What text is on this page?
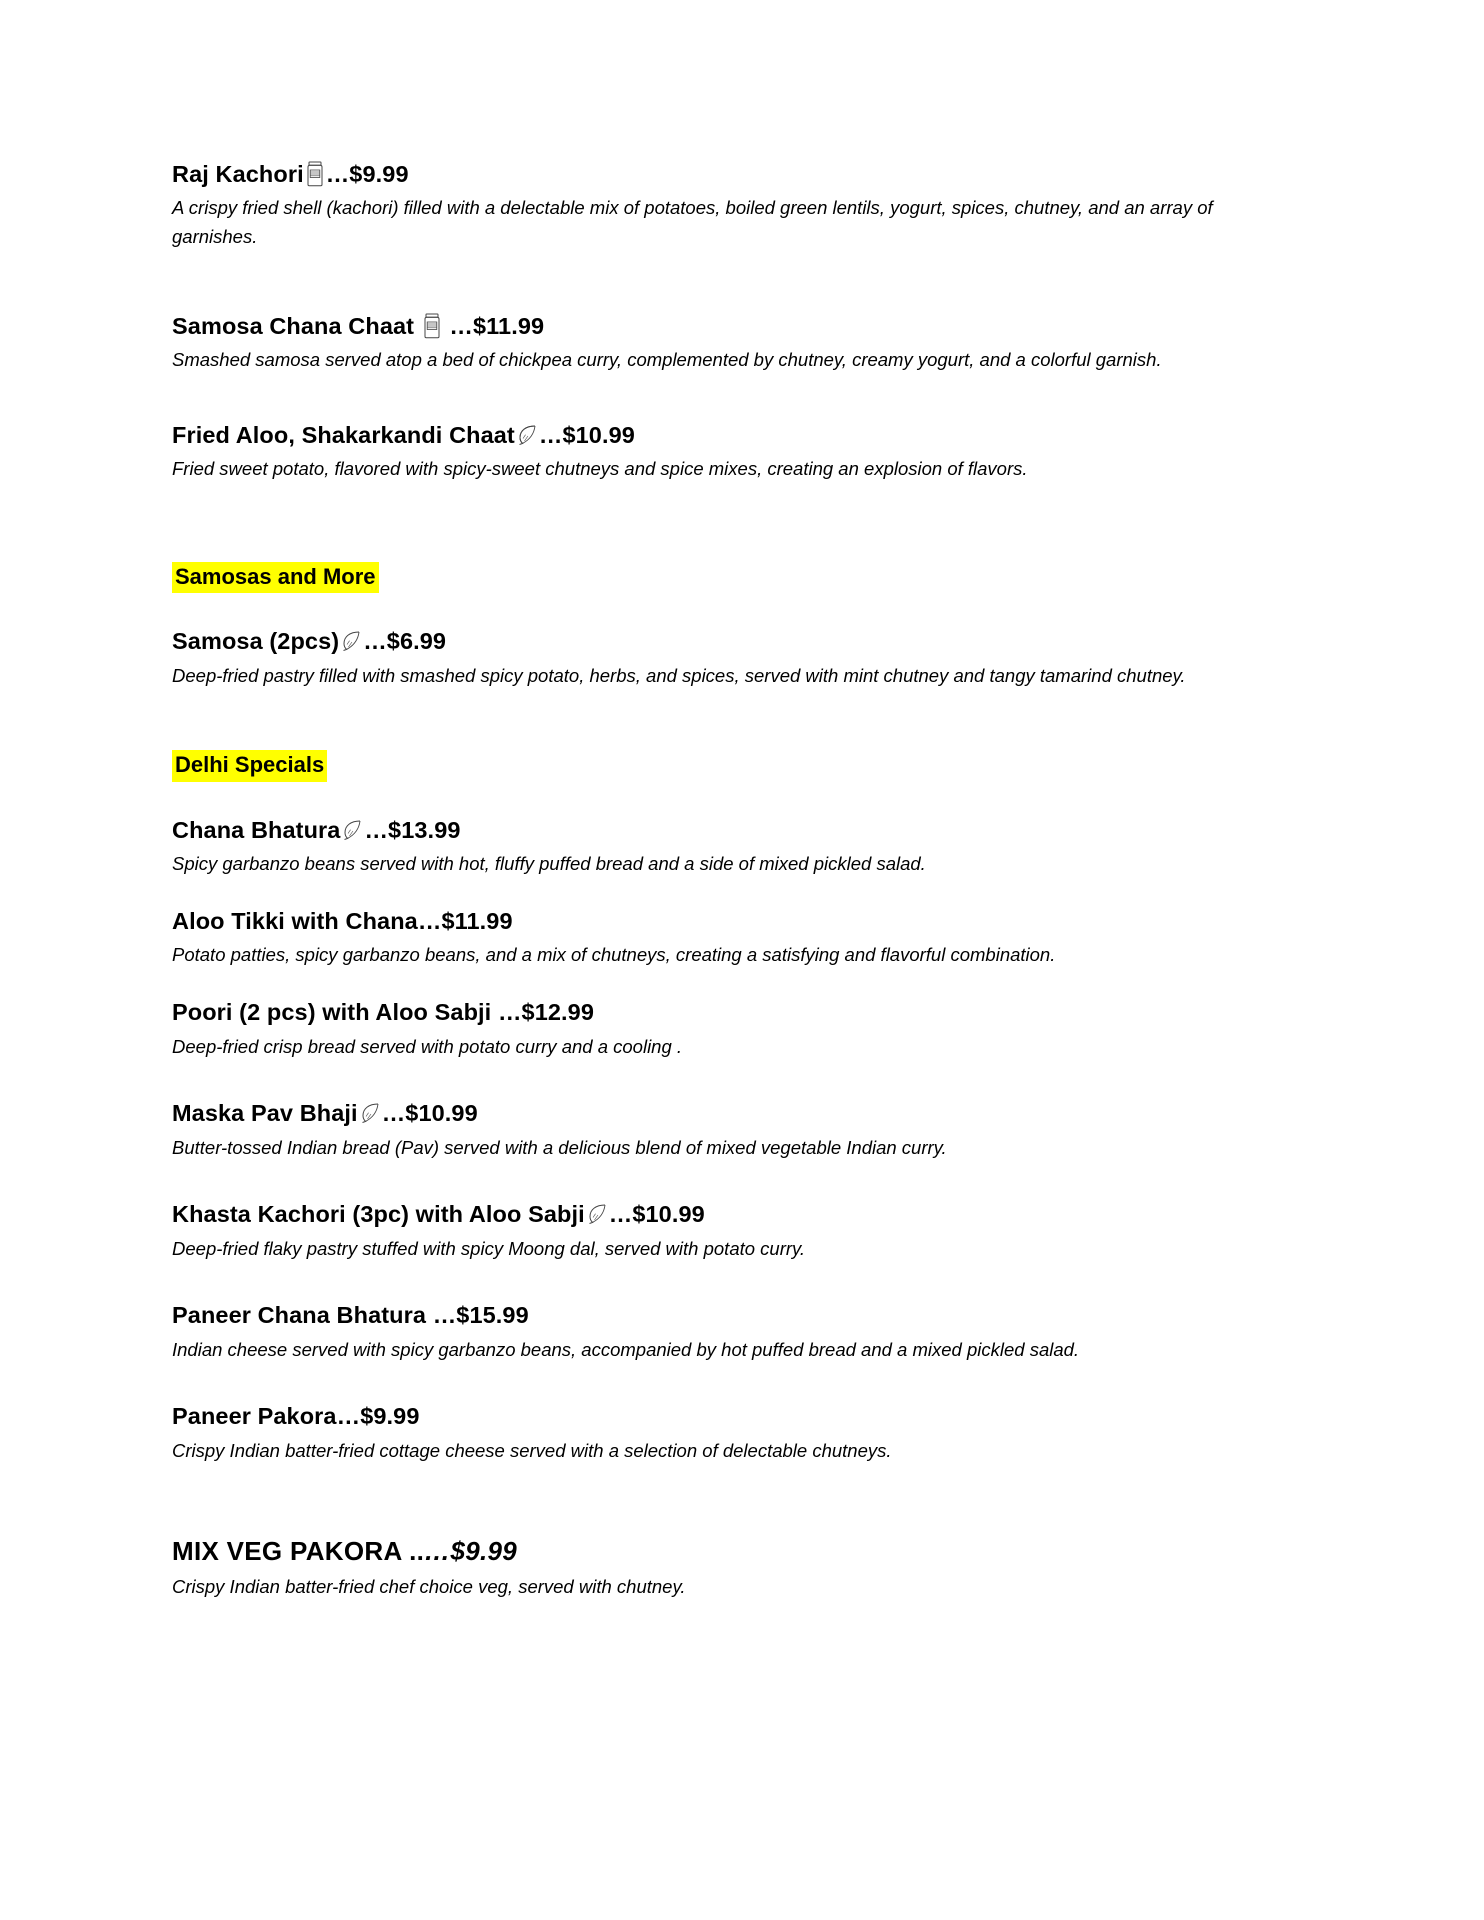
Raj Kachori …$9.99

A crispy fried shell (kachori) filled with a delectable mix of potatoes, boiled green lentils, yogurt, spices, chutney, and an array of garnishes.

Samosa Chana Chaat …$11.99

Smashed samosa served atop a bed of chickpea curry, complemented by chutney, creamy yogurt, and a colorful garnish.

Fried Aloo, Shakarkandi Chaat …$10.99

Fried sweet potato, flavored with spicy-sweet chutneys and spice mixes, creating an explosion of flavors.

Samosas and More
Samosa (2pcs) …$6.99

Deep-fried pastry filled with smashed spicy potato, herbs, and spices, served with mint chutney and tangy tamarind chutney.

Delhi Specials
Chana Bhatura …$13.99

Spicy garbanzo beans served with hot, fluffy puffed bread and a side of mixed pickled salad.

Aloo Tikki with Chana…$11.99

Potato patties, spicy garbanzo beans, and a mix of chutneys, creating a satisfying and flavorful combination.

Poori (2 pcs) with Aloo Sabji …$12.99

Deep-fried crisp bread served with potato curry and a cooling .

Maska Pav Bhaji …$10.99

Butter-tossed Indian bread (Pav) served with a delicious blend of mixed vegetable Indian curry.

Khasta Kachori (3pc) with Aloo Sabji …$10.99

Deep-fried flaky pastry stuffed with spicy Moong dal, served with potato curry.

Paneer Chana Bhatura …$15.99

Indian cheese served with spicy garbanzo beans, accompanied by hot puffed bread and a mixed pickled salad.

Paneer Pakora…$9.99

Crispy Indian batter-fried cottage cheese served with a selection of delectable chutneys.

MIX VEG PAKORA ..…$9.99

Crispy Indian batter-fried chef choice veg, served with chutney.
